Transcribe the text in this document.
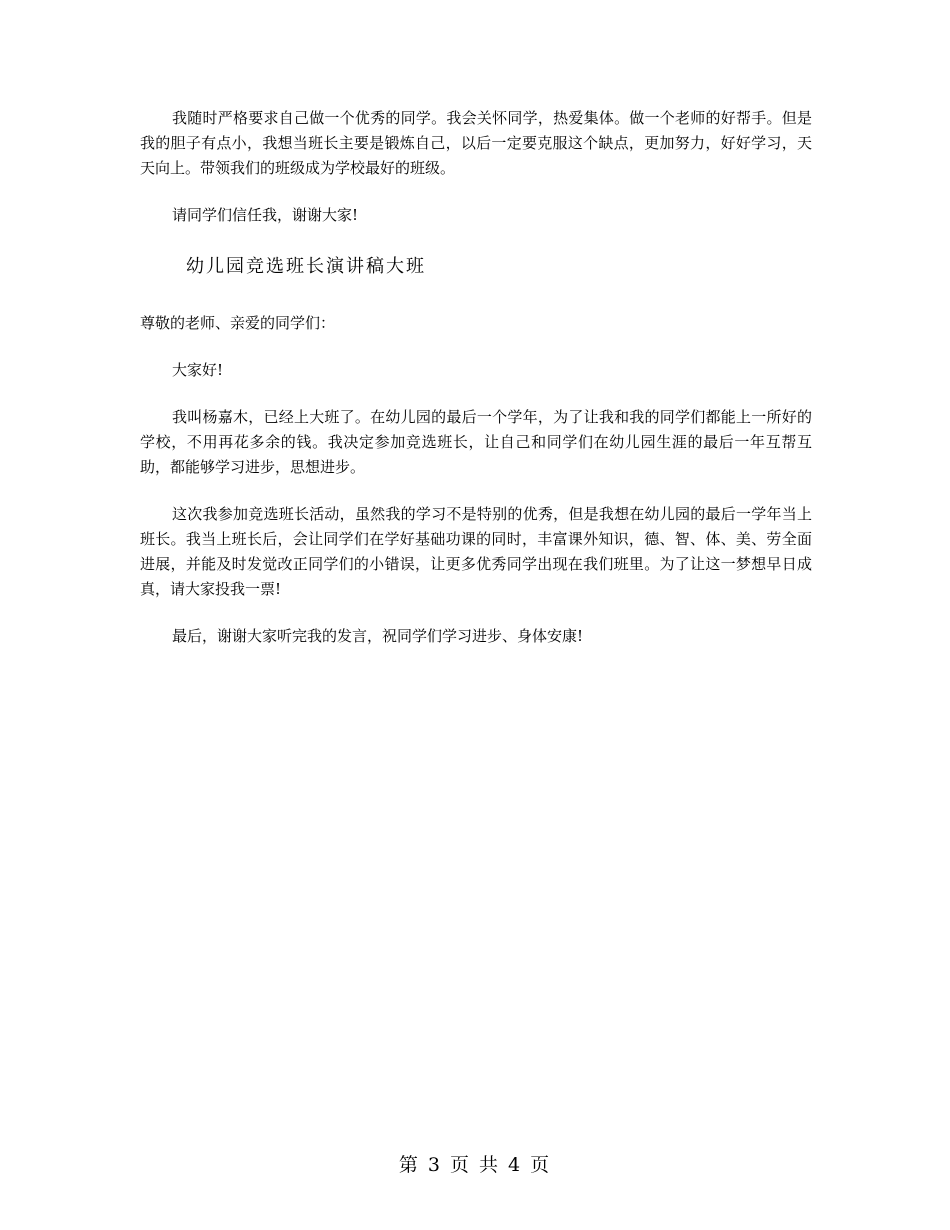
我随时严格要求自己做一个优秀的同学。我会关怀同学，热爱集体。做一个老师的好帮手。但是我的胆子有点小，我想当班长主要是锻炼自己，以后一定要克服这个缺点，更加努力，好好学习，天天向上。带领我们的班级成为学校最好的班级。

请同学们信任我，谢谢大家!

幼儿园竞选班长演讲稿大班

尊敬的老师、亲爱的同学们：

大家好!

我叫杨嘉木，已经上大班了。在幼儿园的最后一个学年，为了让我和我的同学们都能上一所好的学校，不用再花多余的钱。我决定参加竞选班长，让自己和同学们在幼儿园生涯的最后一年互帮互助，都能够学习进步，思想进步。

这次我参加竞选班长活动，虽然我的学习不是特别的优秀，但是我想在幼儿园的最后一学年当上班长。我当上班长后，会让同学们在学好基础功课的同时，丰富课外知识，德、智、体、美、劳全面进展，并能及时发觉改正同学们的小错误，让更多优秀同学出现在我们班里。为了让这一梦想早日成真，请大家投我一票!

最后，谢谢大家听完我的发言，祝同学们学习进步、身体安康!

第 3 页 共 4 页
